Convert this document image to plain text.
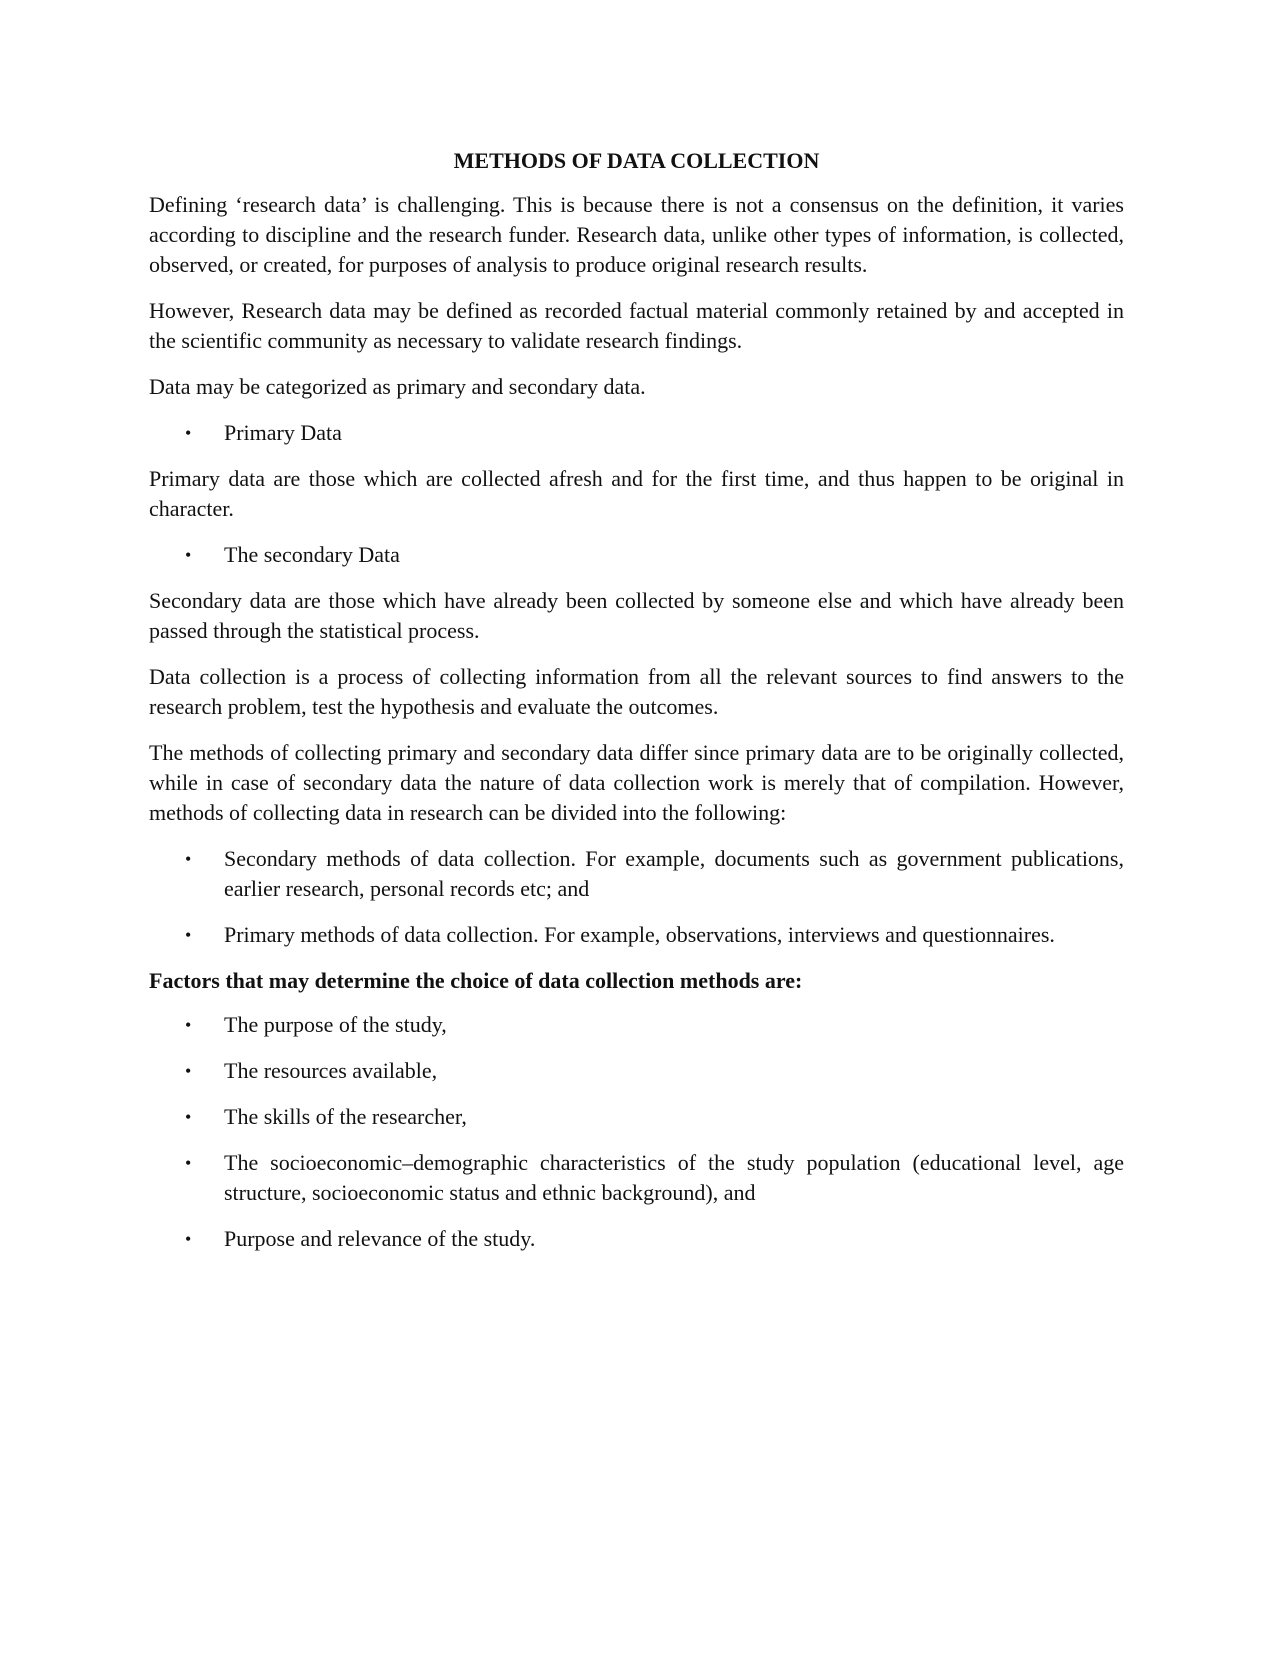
METHODS OF DATA COLLECTION

Defining ‘research data’ is challenging. This is because there is not a consensus on the definition, it varies according to discipline and the research funder. Research data, unlike other types of information, is collected, observed, or created, for purposes of analysis to produce original research results.

However, Research data may be defined as recorded factual material commonly retained by and accepted in the scientific community as necessary to validate research findings.

Data may be categorized as primary and secondary data.

• Primary Data

Primary data are those which are collected afresh and for the first time, and thus happen to be original in character.

• The secondary Data

Secondary data are those which have already been collected by someone else and which have already been passed through the statistical process.

Data collection is a process of collecting information from all the relevant sources to find answers to the research problem, test the hypothesis and evaluate the outcomes.

The methods of collecting primary and secondary data differ since primary data are to be originally collected, while in case of secondary data the nature of data collection work is merely that of compilation. However, methods of collecting data in research can be divided into the following:

• Secondary methods of data collection. For example, documents such as government publications, earlier research, personal records etc; and
• Primary methods of data collection. For example, observations, interviews and questionnaires.
Factors that may determine the choice of data collection methods are:
• The purpose of the study,
• The resources available,
• The skills of the researcher,
• The socioeconomic–demographic characteristics of the study population (educational level, age structure, socioeconomic status and ethnic background), and
• Purpose and relevance of the study.
